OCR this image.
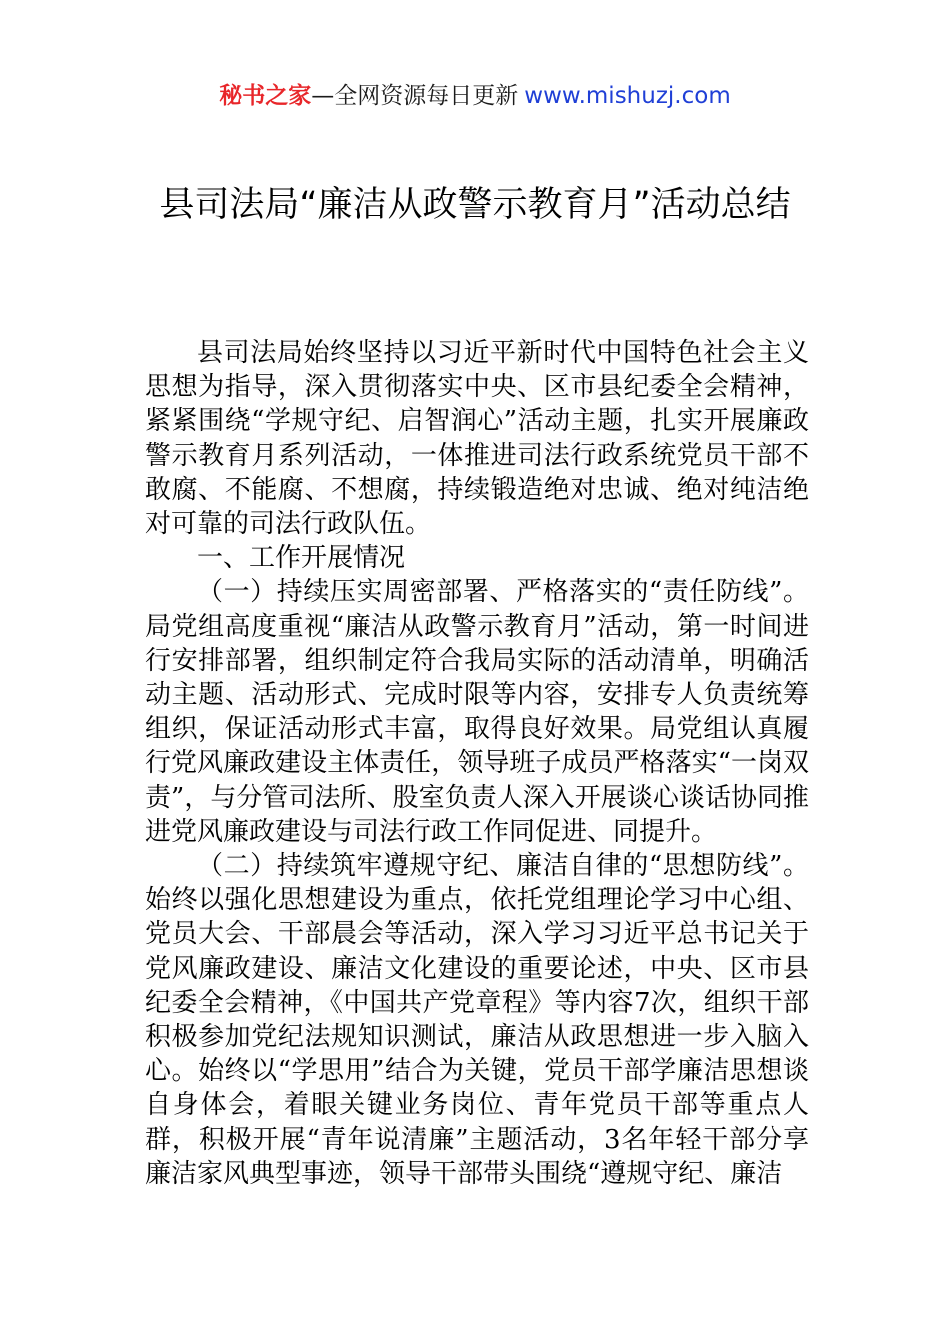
秘书之家—全网资源每日更新 www.mishuzj.com
县司法局“廉洁从政警示教育月”活动总结

县司法局始终坚持以习近平新时代中国特色社会主义思想为指导，深入贯彻落实中央、区市县纪委全会精神，紧紧围绕“学规守纪、启智润心”活动主题，扎实开展廉政警示教育月系列活动，一体推进司法行政系统党员干部不敢腐、不能腐、不想腐，持续锻造绝对忠诚、绝对纯洁绝对可靠的司法行政队伍。

一、工作开展情况

（一）持续压实周密部署、严格落实的“责任防线”。局党组高度重视“廉洁从政警示教育月”活动，第一时间进行安排部署，组织制定符合我局实际的活动清单，明确活动主题、活动形式、完成时限等内容，安排专人负责统筹组织，保证活动形式丰富，取得良好效果。局党组认真履行党风廉政建设主体责任，领导班子成员严格落实“一岗双责”，与分管司法所、股室负责人深入开展谈心谈话协同推进党风廉政建设与司法行政工作同促进、同提升。

（二）持续筑牢遵规守纪、廉洁自律的“思想防线”。始终以强化思想建设为重点，依托党组理论学习中心组、党员大会、干部晨会等活动，深入学习习近平总书记关于党风廉政建设、廉洁文化建设的重要论述，中央、区市县纪委全会精神，《中国共产党章程》等内容7次，组织干部积极参加党纪法规知识测试，廉洁从政思想进一步入脑入心。始终以“学思用”结合为关键，党员干部学廉洁思想谈自身体会，着眼关键业务岗位、青年党员干部等重点人群，积极开展“青年说清廉”主题活动，3名年轻干部分享廉洁家风典型事迹，领导干部带头围绕“遵规守纪、廉洁
